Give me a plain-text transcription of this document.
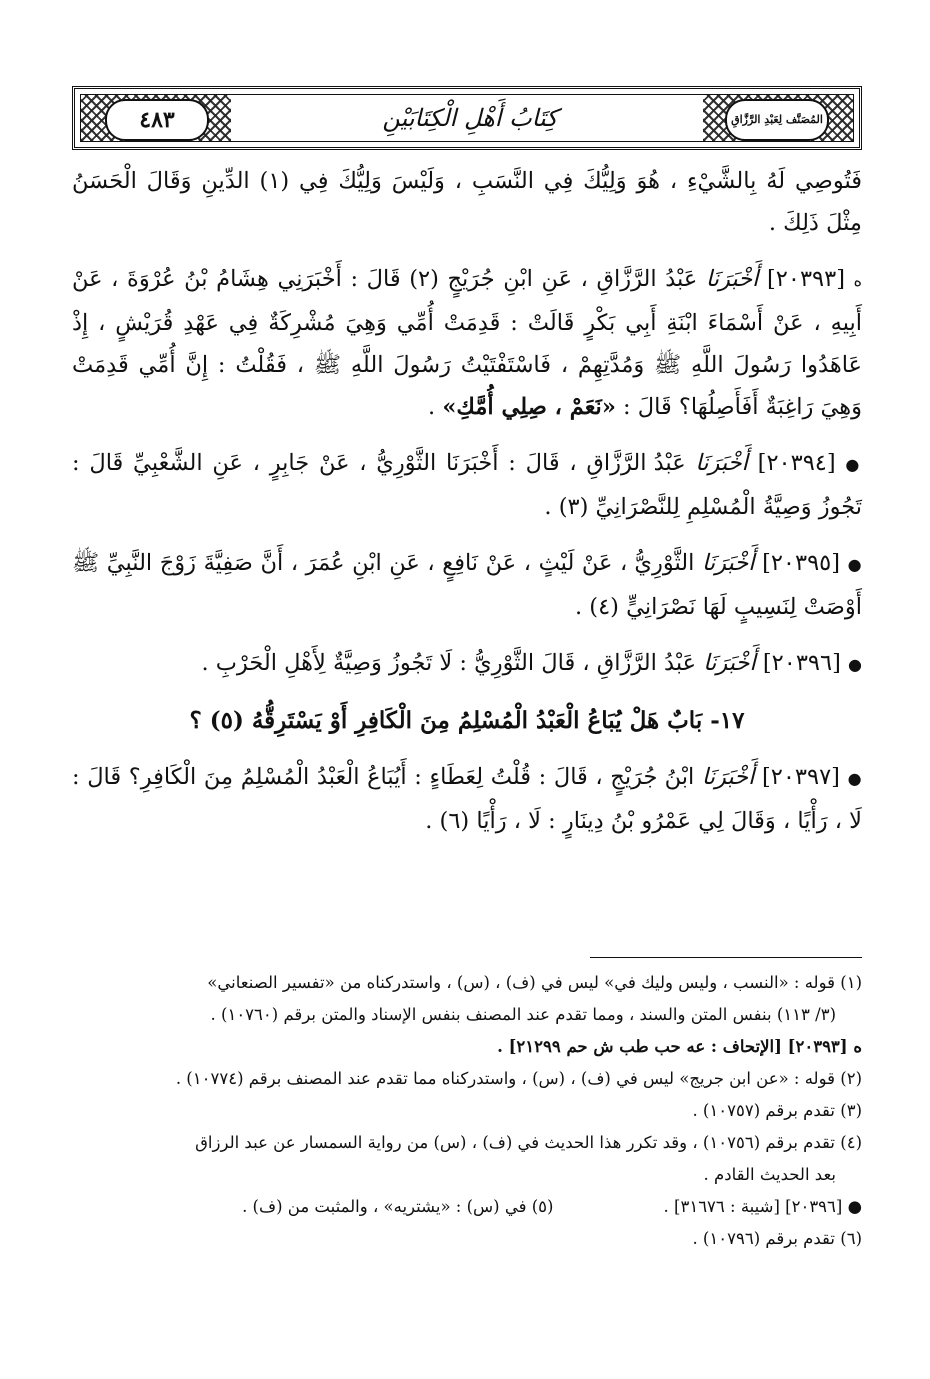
٤٨٣	المُصَنَّف لِعَبْدِ الرَّزَّاقِ
كِتَابُ أَهْلِ الْكِتَابَيْنِ

فَتُوصِي لَهُ بِالشَّيْءِ ، هُوَ وَلِيُّكَ فِي النَّسَبِ ، وَلَيْسَ وَلِيُّكَ فِي (١) الدِّينِ وَقَالَ الْحَسَنُ مِثْلَ ذَلِكَ .

ه [٢٠٣٩٣] أَخْبَرَنَا عَبْدُ الرَّزَّاقِ ، عَنِ ابْنِ جُرَيْجٍ (٢) قَالَ : أَخْبَرَنِي هِشَامُ بْنُ عُرْوَةَ ، عَنْ أَبِيهِ ، عَنْ أَسْمَاءَ ابْنَةِ أَبِي بَكْرٍ قَالَتْ : قَدِمَتْ أُمِّي وَهِيَ مُشْرِكَةٌ فِي عَهْدِ قُرَيْشٍ ، إِذْ عَاهَدُوا رَسُولَ اللَّهِ ﷺ وَمُدَّتِهِمْ ، فَاسْتَفْتَيْتُ رَسُولَ اللَّهِ ﷺ ، فَقُلْتُ : إِنَّ أُمِّي قَدِمَتْ وَهِيَ رَاغِبَةٌ أَفَأَصِلُهَا؟ قَالَ : «نَعَمْ ، صِلِي أُمَّكِ» .

● [٢٠٣٩٤] أَخْبَرَنَا عَبْدُ الرَّزَّاقِ ، قَالَ : أَخْبَرَنَا الثَّوْرِيُّ ، عَنْ جَابِرٍ ، عَنِ الشَّعْبِيِّ قَالَ : تَجُوزُ وَصِيَّةُ الْمُسْلِمِ لِلنَّصْرَانِيِّ (٣) .

● [٢٠٣٩٥] أَخْبَرَنَا الثَّوْرِيُّ ، عَنْ لَيْثٍ ، عَنْ نَافِعٍ ، عَنِ ابْنِ عُمَرَ ، أَنَّ صَفِيَّةَ زَوْجَ النَّبِيِّ ﷺ أَوْصَتْ لِنَسِيبٍ لَهَا نَصْرَانِيٍّ (٤) .

● [٢٠٣٩٦] أَخْبَرَنَا عَبْدُ الرَّزَّاقِ ، قَالَ الثَّوْرِيُّ : لَا تَجُوزُ وَصِيَّةٌ لِأَهْلِ الْحَرْبِ .

١٧- بَابٌ هَلْ يُبَاعُ الْعَبْدُ الْمُسْلِمُ مِنَ الْكَافِرِ أَوْ يَسْتَرِقُّهُ (٥) ؟

● [٢٠٣٩٧] أَخْبَرَنَا ابْنُ جُرَيْجٍ ، قَالَ : قُلْتُ لِعَطَاءٍ : أَيُبَاعُ الْعَبْدُ الْمُسْلِمُ مِنَ الْكَافِرِ؟ قَالَ : لَا ، رَأْيًا ، وَقَالَ لِي عَمْرُو بْنُ دِينَارٍ : لَا ، رَأْيًا (٦) .

(١) قوله : «النسب ، وليس وليك في» ليس في (ف) ، (س) ، واستدركناه من «تفسير الصنعاني»
(٣/ ١١٣) بنفس المتن والسند ، ومما تقدم عند المصنف بنفس الإسناد والمتن برقم (١٠٧٦٠) .
ه [٢٠٣٩٣] [الإتحاف : عه حب طب ش حم ٢١٢٩٩] .
(٢) قوله : «عن ابن جريج» ليس في (ف) ، (س) ، واستدركناه مما تقدم عند المصنف برقم (١٠٧٧٤) .
(٣) تقدم برقم (١٠٧٥٧) .
(٤) تقدم برقم (١٠٧٥٦) ، وقد تكرر هذا الحديث في (ف) ، (س) من رواية السمسار عن عبد الرزاق
بعد الحديث القادم .
● [٢٠٣٩٦] [شيبة : ٣١٦٧٦] .
(٥) في (س) : «يشتريه» ، والمثبت من (ف) .
(٦) تقدم برقم (١٠٧٩٦) .
